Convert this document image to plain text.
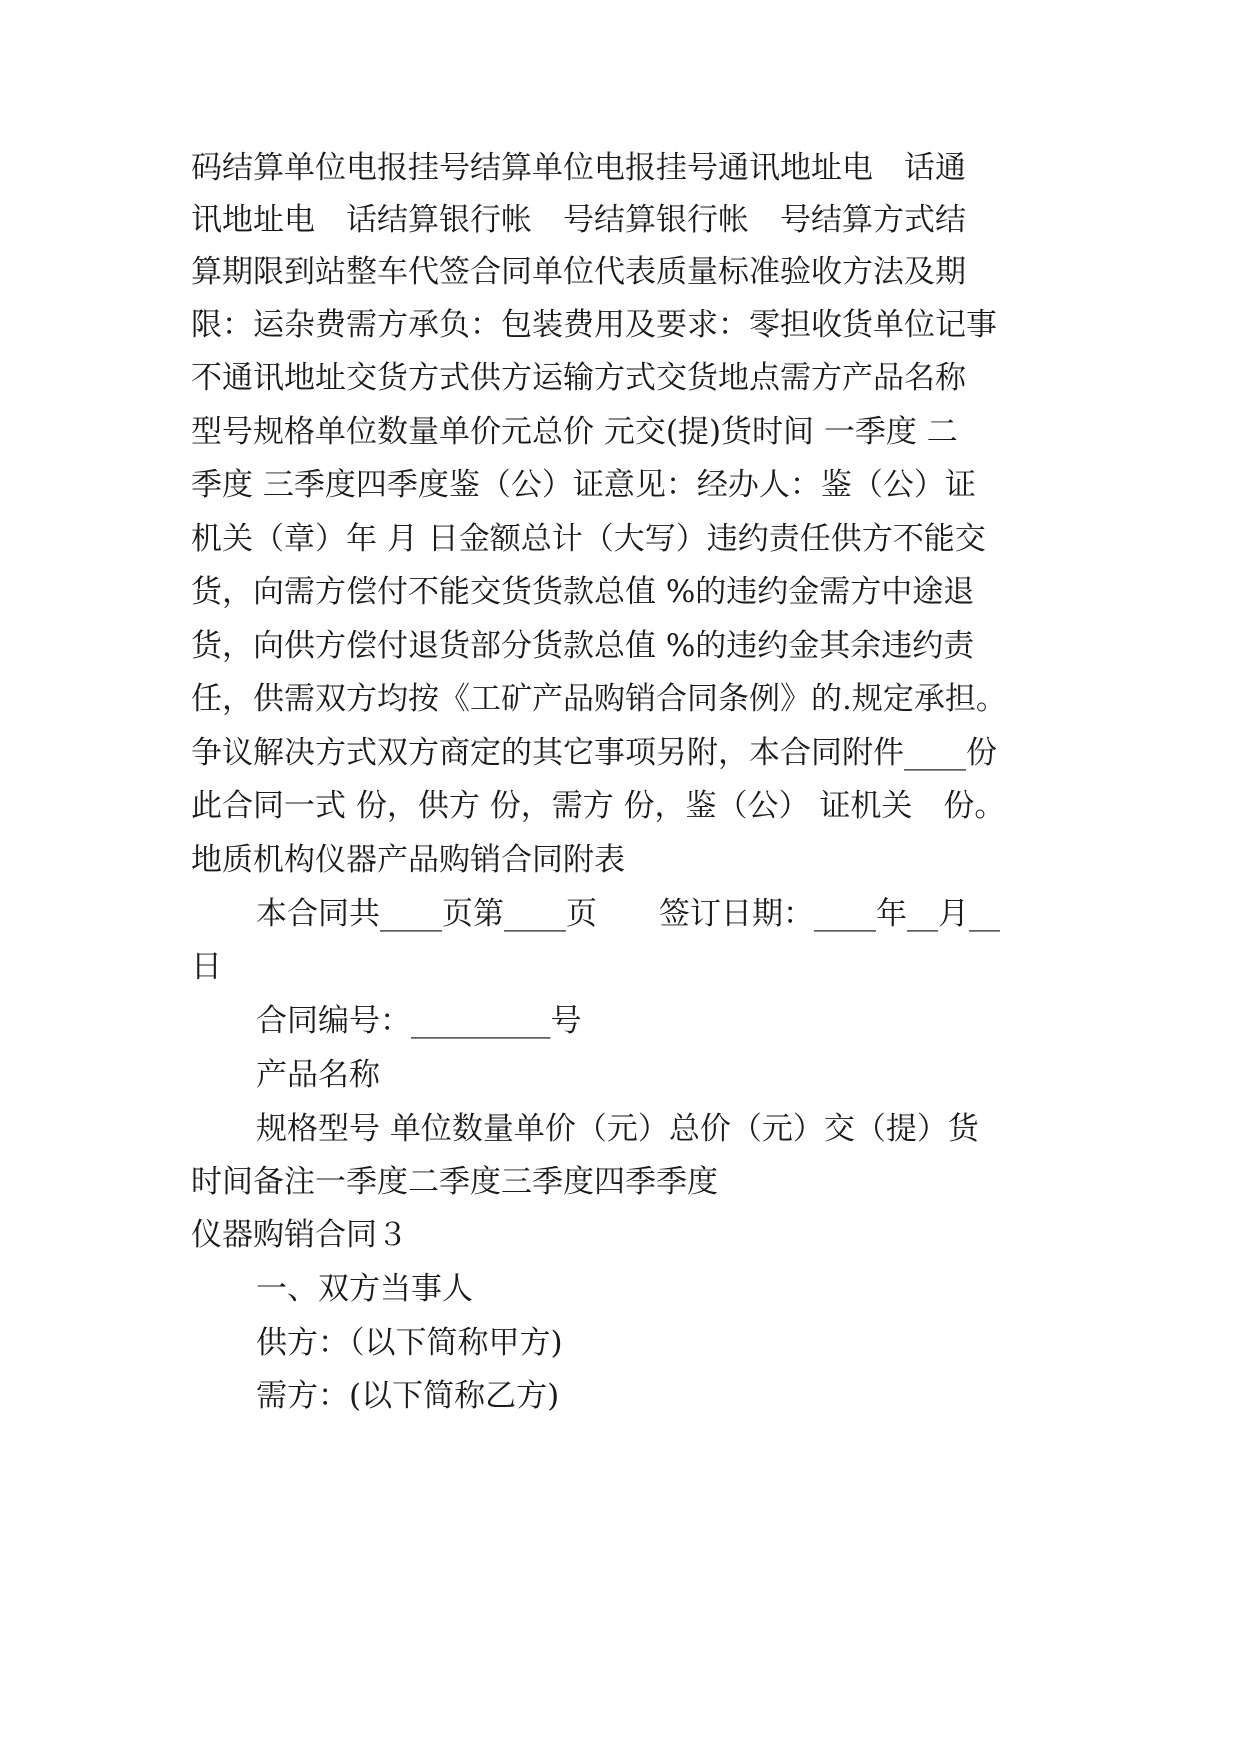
码结算单位电报挂号结算单位电报挂号通讯地址电　话通
讯地址电　话结算银行帐　号结算银行帐　号结算方式结
算期限到站整车代签合同单位代表质量标准验收方法及期
限：运杂费需方承负：包装费用及要求：零担收货单位记事
不通讯地址交货方式供方运输方式交货地点需方产品名称
型号规格单位数量单价元总价 元交(提)货时间 一季度 二
季度 三季度四季度鉴（公）证意见：经办人：鉴（公）证
机关（章）年 月 日金额总计（大写）违约责任供方不能交
货，向需方偿付不能交货货款总值 %的违约金需方中途退
货，向供方偿付退货部分货款总值 %的违约金其余违约责
任，供需双方均按《工矿产品购销合同条例》的.规定承担。
争议解决方式双方商定的其它事项另附，本合同附件____份
此合同一式 份，供方 份，需方 份，鉴（公） 证机关　份。
地质机构仪器产品购销合同附表
本合同共____页第____页　　签订日期：____年__月__
日
合同编号：_________号
产品名称
规格型号 单位数量单价（元）总价（元）交（提）货
时间备注一季度二季度三季度四季季度
仪器购销合同３
一、双方当事人
供方：（以下简称甲方)
需方：(以下简称乙方)
